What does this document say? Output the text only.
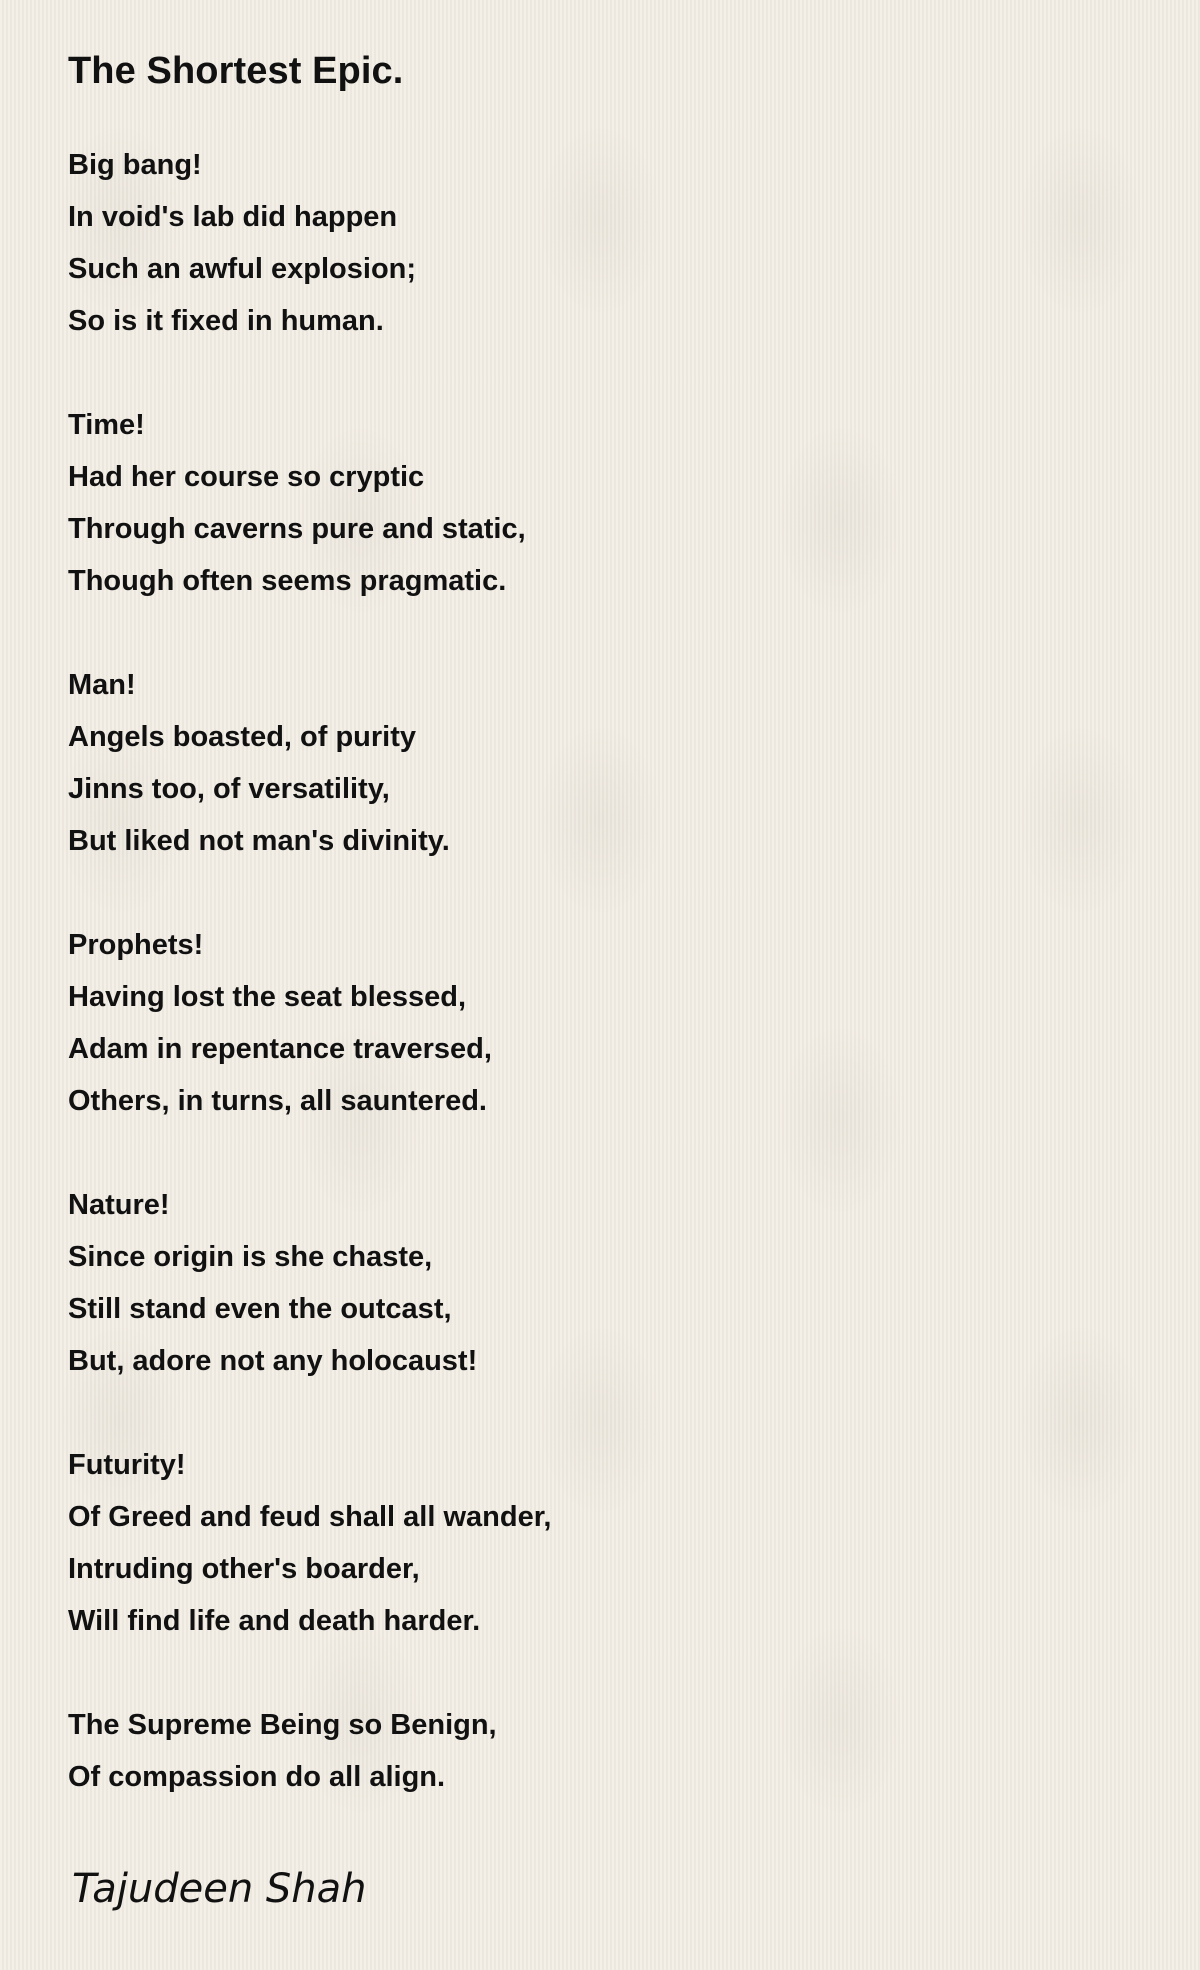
The Shortest Epic.
Big bang!
In void's lab did happen
Such an awful explosion;
So is it fixed in human.
Time!
Had her course so cryptic
Through caverns pure and static,
Though often seems pragmatic.
Man!
Angels boasted, of purity
Jinns too, of versatility,
But liked not man's divinity.
Prophets!
Having lost the seat blessed,
Adam in repentance traversed,
Others, in turns, all sauntered.
Nature!
Since origin is she chaste,
Still stand even the outcast,
But, adore not any holocaust!
Futurity!
Of Greed and feud shall all wander,
Intruding other's boarder,
Will find life and death harder.
The Supreme Being so Benign,
Of compassion do all align.
Tajudeen Shah
